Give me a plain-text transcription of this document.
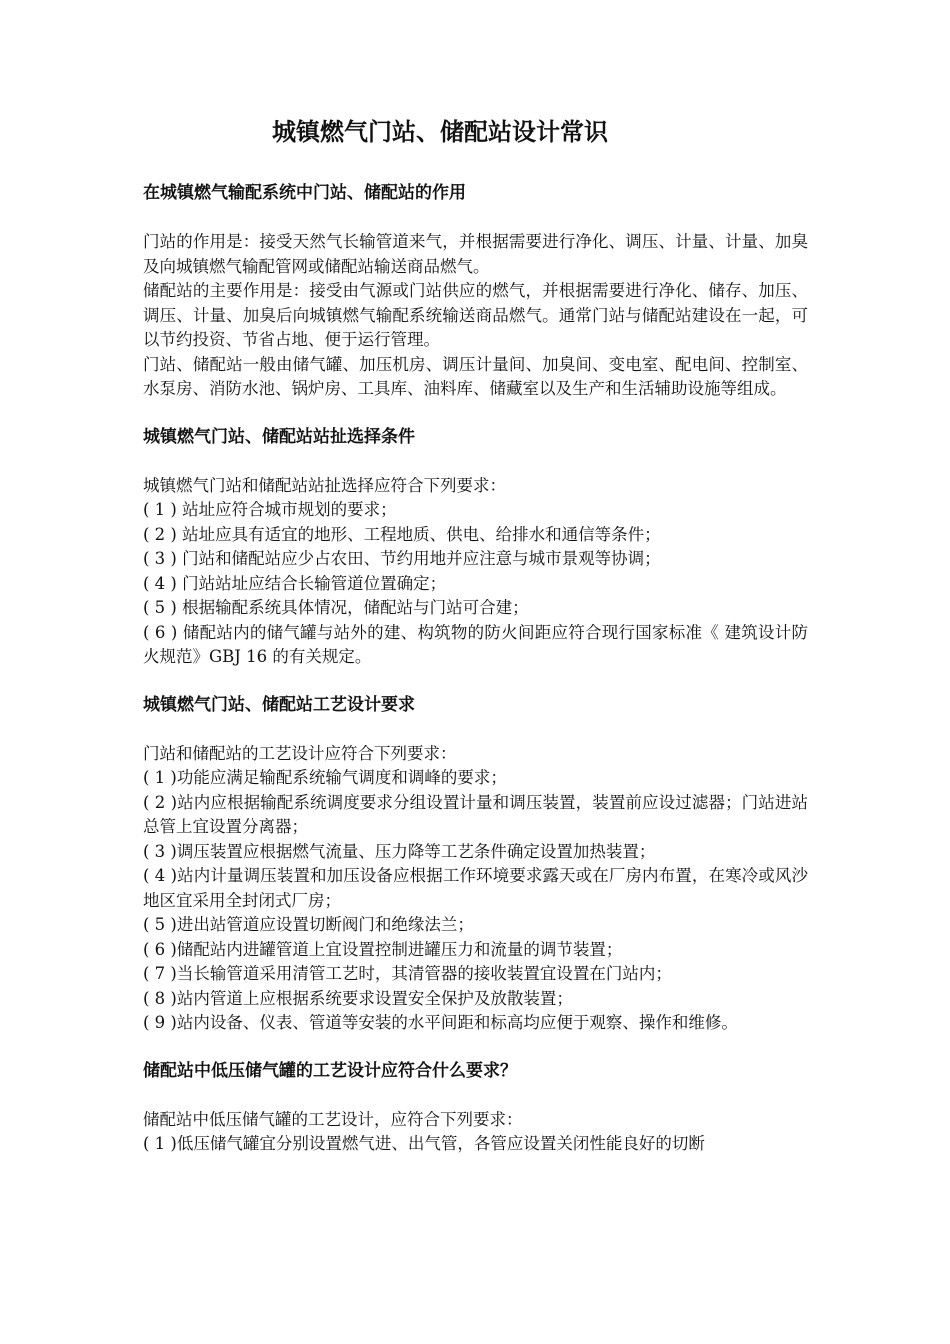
城镇燃气门站、储配站设计常识
在城镇燃气输配系统中门站、储配站的作用
门站的作用是：接受天然气长输管道来气，并根据需要进行净化、调压、计量、计量、加臭及向城镇燃气输配管网或储配站输送商品燃气。
储配站的主要作用是：接受由气源或门站供应的燃气，并根据需要进行净化、储存、加压、调压、计量、加臭后向城镇燃气输配系统输送商品燃气。通常门站与储配站建设在一起，可以节约投资、节省占地、便于运行管理。
门站、储配站一般由储气罐、加压机房、调压计量间、加臭间、变电室、配电间、控制室、水泵房、消防水池、锅炉房、工具库、油料库、储藏室以及生产和生活辅助设施等组成。
城镇燃气门站、储配站站扯选择条件
城镇燃气门站和储配站站扯选择应符合下列要求：
( 1 ) 站址应符合城市规划的要求；
( 2 ) 站址应具有适宜的地形、工程地质、供电、给排水和通信等条件；
( 3 ) 门站和储配站应少占农田、节约用地并应注意与城市景观等协调；
( 4 ) 门站站址应结合长输管道位置确定；
( 5 ) 根据输配系统具体情况，储配站与门站可合建；
( 6 ) 储配站内的储气罐与站外的建、构筑物的防火间距应符合现行国家标准《 建筑设计防火规范》GBJ 16 的有关规定。
城镇燃气门站、储配站工艺设计要求
门站和储配站的工艺设计应符合下列要求：
( 1 )功能应满足输配系统输气调度和调峰的要求；
( 2 )站内应根据输配系统调度要求分组设置计量和调压装置，装置前应设过滤器；门站进站总管上宜设置分离器；
( 3 )调压装置应根据燃气流量、压力降等工艺条件确定设置加热装置；
( 4 )站内计量调压装置和加压设备应根据工作环境要求露天或在厂房内布置，在寒冷或风沙地区宜采用全封闭式厂房；
( 5 )进出站管道应设置切断阀门和绝缘法兰；
( 6 )储配站内进罐管道上宜设置控制进罐压力和流量的调节装置；
( 7 )当长输管道采用清管工艺时，其清管器的接收装置宜设置在门站内；
( 8 )站内管道上应根据系统要求设置安全保护及放散装置；
( 9 )站内设备、仪表、管道等安装的水平间距和标高均应便于观察、操作和维修。
储配站中低压储气罐的工艺设计应符合什么要求？
储配站中低压储气罐的工艺设计，应符合下列要求：
( 1 )低压储气罐宜分别设置燃气进、出气管，各管应设置关闭性能良好的切断
